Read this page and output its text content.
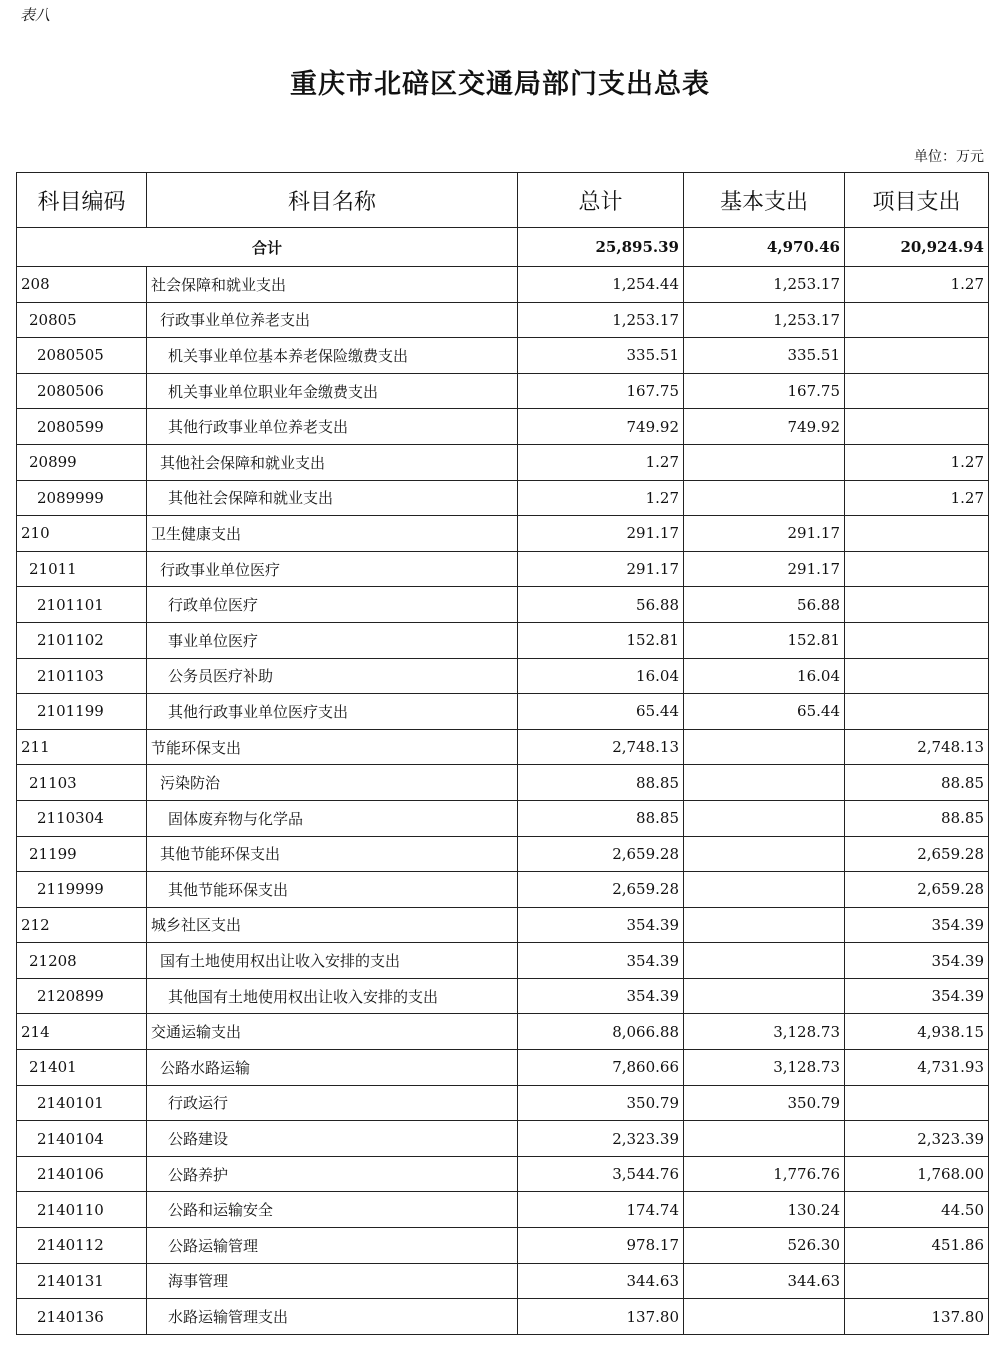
表八
重庆市北碚区交通局部门支出总表
单位：万元
科目编码	科目名称	总计	基本支出	项目支出
合计		25,895.39	4,970.46	20,924.94
208	社会保障和就业支出	1,254.44	1,253.17	1.27
20805	行政事业单位养老支出	1,253.17	1,253.17	
2080505	机关事业单位基本养老保险缴费支出	335.51	335.51	
2080506	机关事业单位职业年金缴费支出	167.75	167.75	
2080599	其他行政事业单位养老支出	749.92	749.92	
20899	其他社会保障和就业支出	1.27		1.27
2089999	其他社会保障和就业支出	1.27		1.27
210	卫生健康支出	291.17	291.17	
21011	行政事业单位医疗	291.17	291.17	
2101101	行政单位医疗	56.88	56.88	
2101102	事业单位医疗	152.81	152.81	
2101103	公务员医疗补助	16.04	16.04	
2101199	其他行政事业单位医疗支出	65.44	65.44	
211	节能环保支出	2,748.13		2,748.13
21103	污染防治	88.85		88.85
2110304	固体废弃物与化学品	88.85		88.85
21199	其他节能环保支出	2,659.28		2,659.28
2119999	其他节能环保支出	2,659.28		2,659.28
212	城乡社区支出	354.39		354.39
21208	国有土地使用权出让收入安排的支出	354.39		354.39
2120899	其他国有土地使用权出让收入安排的支出	354.39		354.39
214	交通运输支出	8,066.88	3,128.73	4,938.15
21401	公路水路运输	7,860.66	3,128.73	4,731.93
2140101	行政运行	350.79	350.79	
2140104	公路建设	2,323.39		2,323.39
2140106	公路养护	3,544.76	1,776.76	1,768.00
2140110	公路和运输安全	174.74	130.24	44.50
2140112	公路运输管理	978.17	526.30	451.86
2140131	海事管理	344.63	344.63	
2140136	水路运输管理支出	137.80		137.80
